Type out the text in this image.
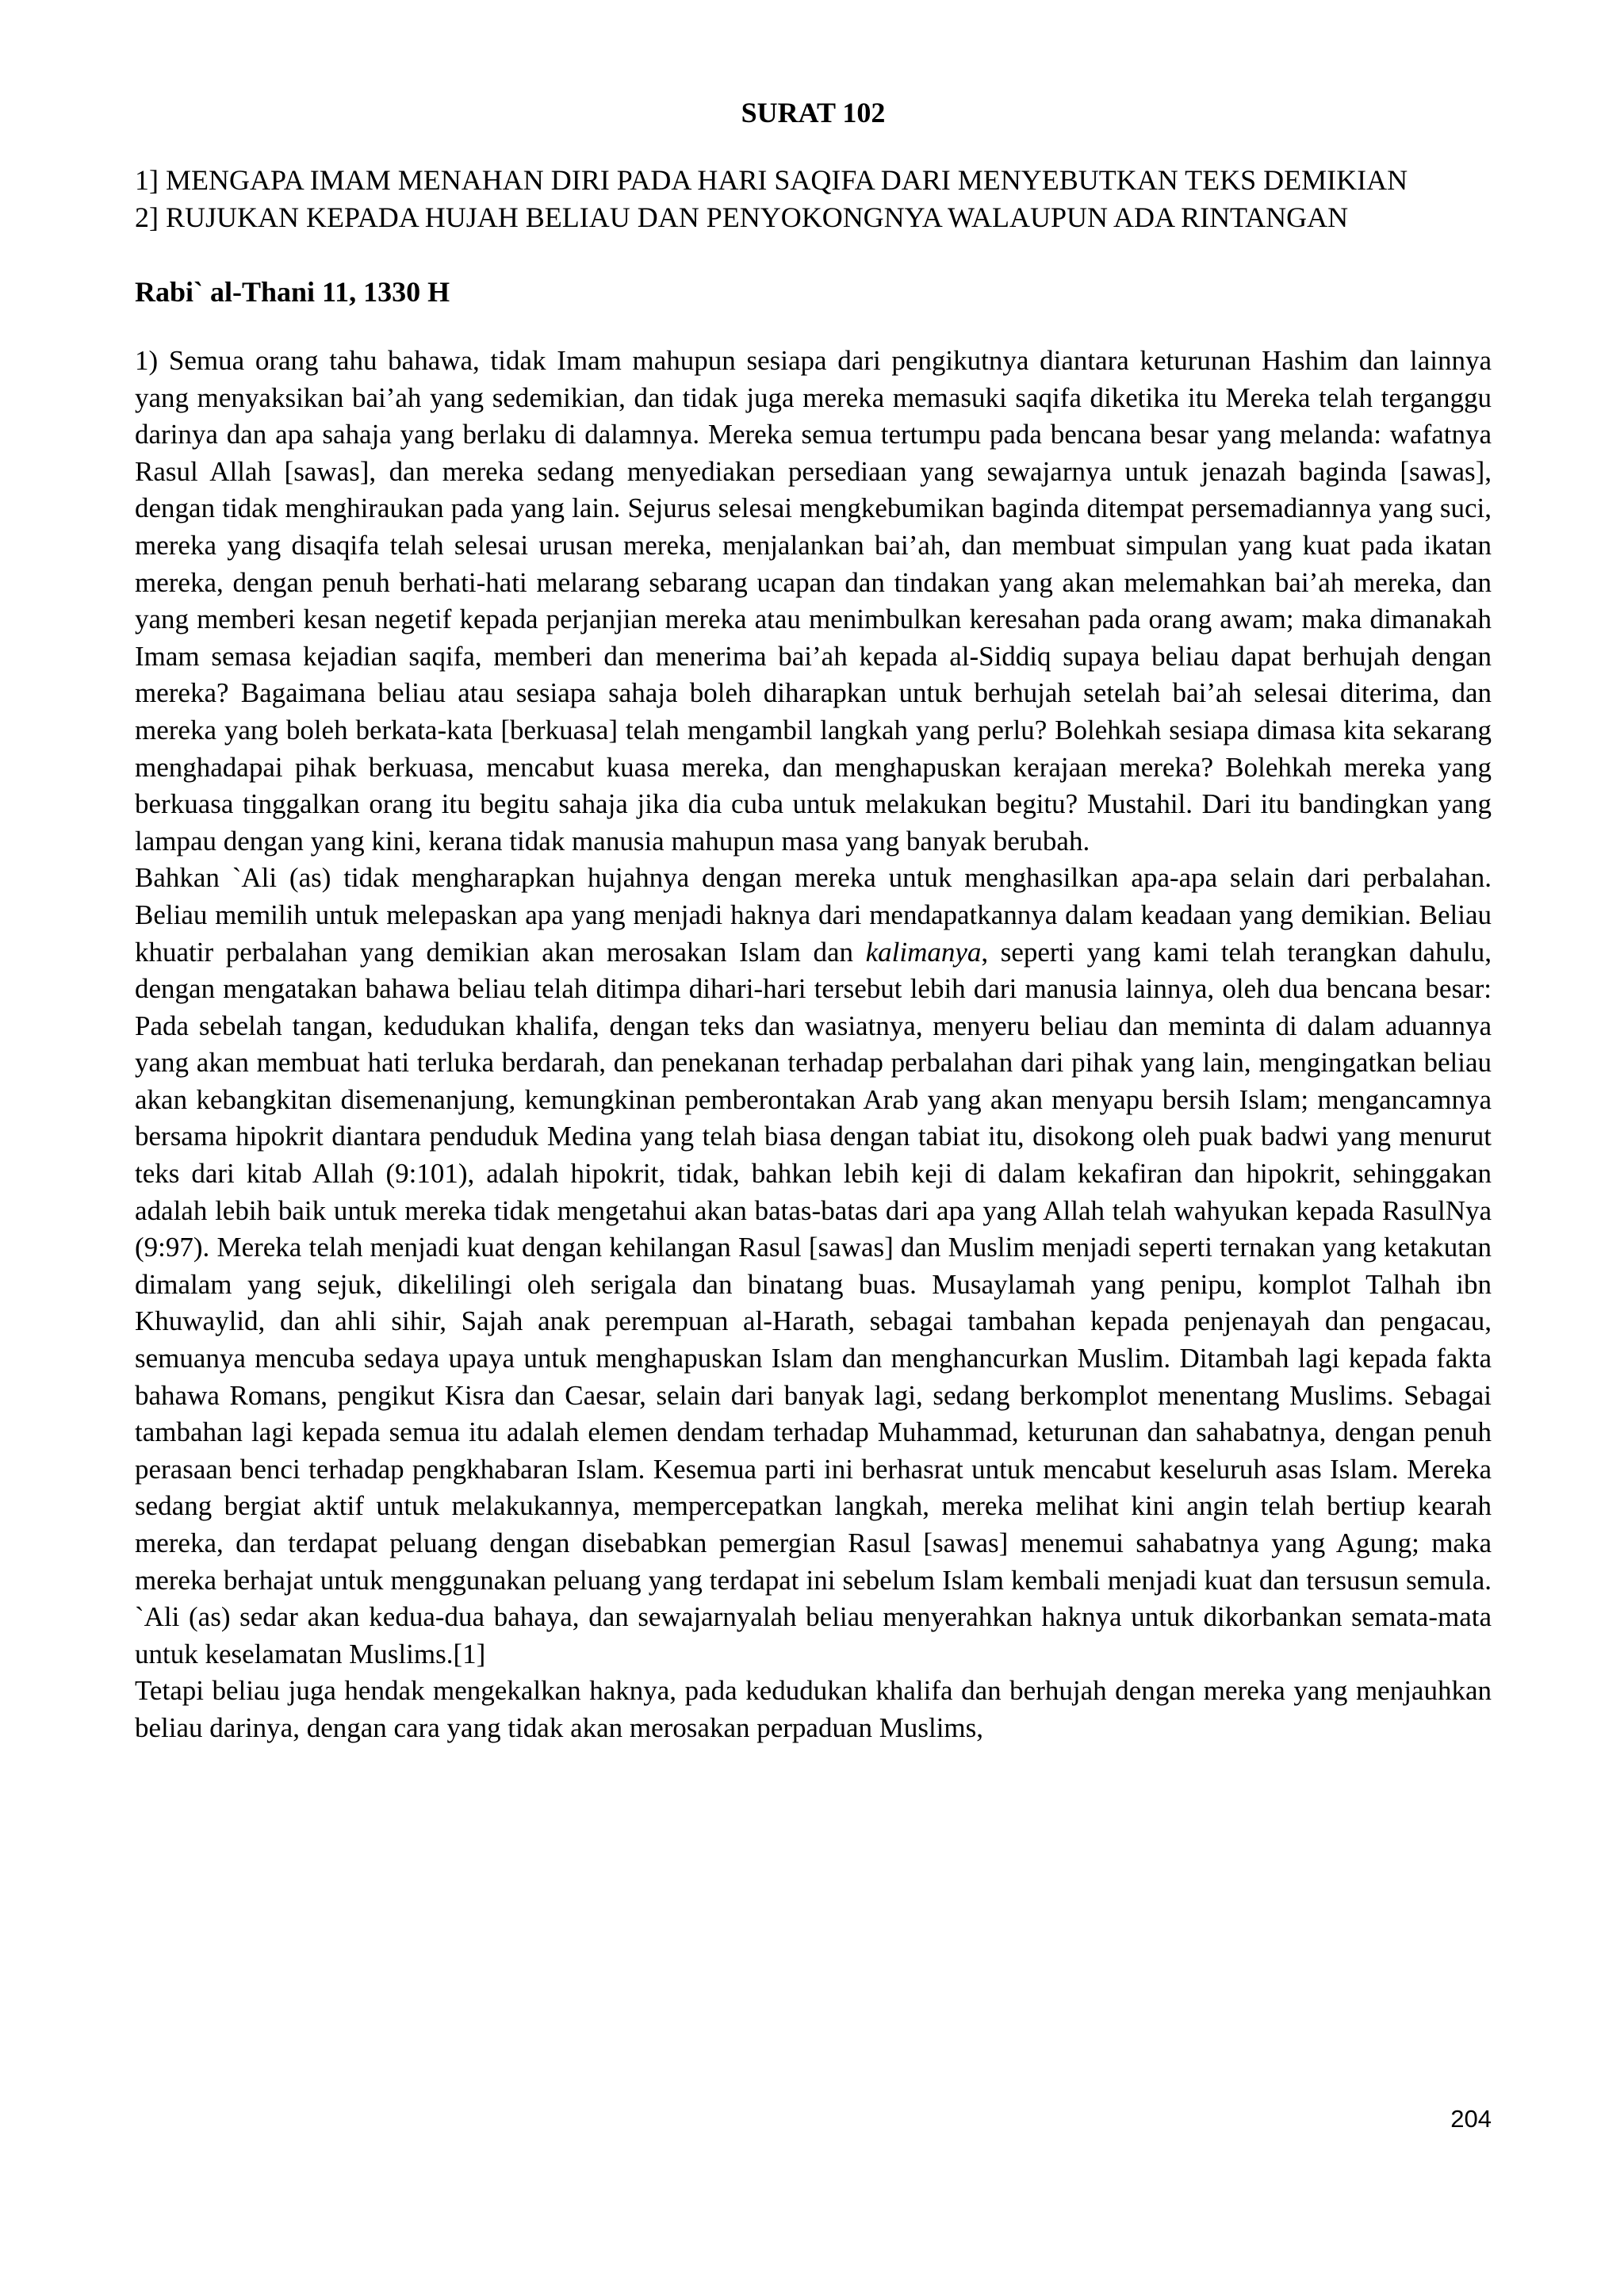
SURAT 102
1] MENGAPA IMAM MENAHAN DIRI PADA HARI SAQIFA DARI MENYEBUTKAN TEKS DEMIKIAN
2] RUJUKAN KEPADA HUJAH BELIAU DAN PENYOKONGNYA WALAUPUN ADA RINTANGAN
Rabi` al-Thani 11, 1330 H

1) Semua orang tahu bahawa, tidak Imam mahupun sesiapa dari pengikutnya diantara keturunan Hashim dan lainnya yang menyaksikan bai’ah yang sedemikian, dan tidak juga mereka memasuki saqifa diketika itu Mereka telah terganggu darinya dan apa sahaja yang berlaku di dalamnya. Mereka semua tertumpu pada bencana besar yang melanda: wafatnya Rasul Allah [sawas], dan mereka sedang menyediakan persediaan yang sewajarnya untuk jenazah baginda [sawas], dengan tidak menghiraukan pada yang lain. Sejurus selesai mengkebumikan baginda ditempat persemadiannya yang suci, mereka yang disaqifa telah selesai urusan mereka, menjalankan bai’ah, dan membuat simpulan yang kuat pada ikatan mereka, dengan penuh berhati-hati melarang sebarang ucapan dan tindakan yang akan melemahkan bai’ah mereka, dan yang memberi kesan negetif kepada perjanjian mereka atau menimbulkan keresahan pada orang awam; maka dimanakah Imam semasa kejadian saqifa, memberi dan menerima bai’ah kepada al-Siddiq supaya beliau dapat berhujah dengan mereka? Bagaimana beliau atau sesiapa sahaja boleh diharapkan untuk berhujah setelah bai’ah selesai diterima, dan mereka yang boleh berkata-kata [berkuasa] telah mengambil langkah yang perlu? Bolehkah sesiapa dimasa kita sekarang menghadapai pihak berkuasa, mencabut kuasa mereka, dan menghapuskan kerajaan mereka? Bolehkah mereka yang berkuasa tinggalkan orang itu begitu sahaja jika dia cuba untuk melakukan begitu? Mustahil. Dari itu bandingkan yang lampau dengan yang kini, kerana tidak manusia mahupun masa yang banyak berubah.

Bahkan `Ali (as) tidak mengharapkan hujahnya dengan mereka untuk menghasilkan apa-apa selain dari perbalahan. Beliau memilih untuk melepaskan apa yang menjadi haknya dari mendapatkannya dalam keadaan yang demikian. Beliau khuatir perbalahan yang demikian akan merosakan Islam dan kalimanya, seperti yang kami telah terangkan dahulu, dengan mengatakan bahawa beliau telah ditimpa dihari-hari tersebut lebih dari manusia lainnya, oleh dua bencana besar: Pada sebelah tangan, kedudukan khalifa, dengan teks dan wasiatnya, menyeru beliau dan meminta di dalam aduannya yang akan membuat hati terluka berdarah, dan penekanan terhadap perbalahan dari pihak yang lain, mengingatkan beliau akan kebangkitan disemenanjung, kemungkinan pemberontakan Arab yang akan menyapu bersih Islam; mengancamnya bersama hipokrit diantara penduduk Medina yang telah biasa dengan tabiat itu, disokong oleh puak badwi yang menurut teks dari kitab Allah (9:101), adalah hipokrit, tidak, bahkan lebih keji di dalam kekafiran dan hipokrit, sehinggakan adalah lebih baik untuk mereka tidak mengetahui akan batas-batas dari apa yang Allah telah wahyukan kepada RasulNya (9:97). Mereka telah menjadi kuat dengan kehilangan Rasul [sawas] dan Muslim menjadi seperti ternakan yang ketakutan dimalam yang sejuk, dikelilingi oleh serigala dan binatang buas. Musaylamah yang penipu, komplot Talhah ibn Khuwaylid, dan ahli sihir, Sajah anak perempuan al-Harath, sebagai tambahan kepada penjenayah dan pengacau, semuanya mencuba sedaya upaya untuk menghapuskan Islam dan menghancurkan Muslim. Ditambah lagi kepada fakta bahawa Romans, pengikut Kisra dan Caesar, selain dari banyak lagi, sedang berkomplot menentang Muslims. Sebagai tambahan lagi kepada semua itu adalah elemen dendam terhadap Muhammad, keturunan dan sahabatnya, dengan penuh perasaan benci terhadap pengkhabaran Islam. Kesemua parti ini berhasrat untuk mencabut keseluruh asas Islam. Mereka sedang bergiat aktif untuk melakukannya, mempercepatkan langkah, mereka melihat kini angin telah bertiup kearah mereka, dan terdapat peluang dengan disebabkan pemergian Rasul [sawas] menemui sahabatnya yang Agung; maka mereka berhajat untuk menggunakan peluang yang terdapat ini sebelum Islam kembali menjadi kuat dan tersusun semula. `Ali (as) sedar akan kedua-dua bahaya, dan sewajarnyalah beliau menyerahkan haknya untuk dikorbankan semata-mata untuk keselamatan Muslims.[1]

Tetapi beliau juga hendak mengekalkan haknya, pada kedudukan khalifa dan berhujah dengan mereka yang menjauhkan beliau darinya, dengan cara yang tidak akan merosakan perpaduan Muslims,

204
